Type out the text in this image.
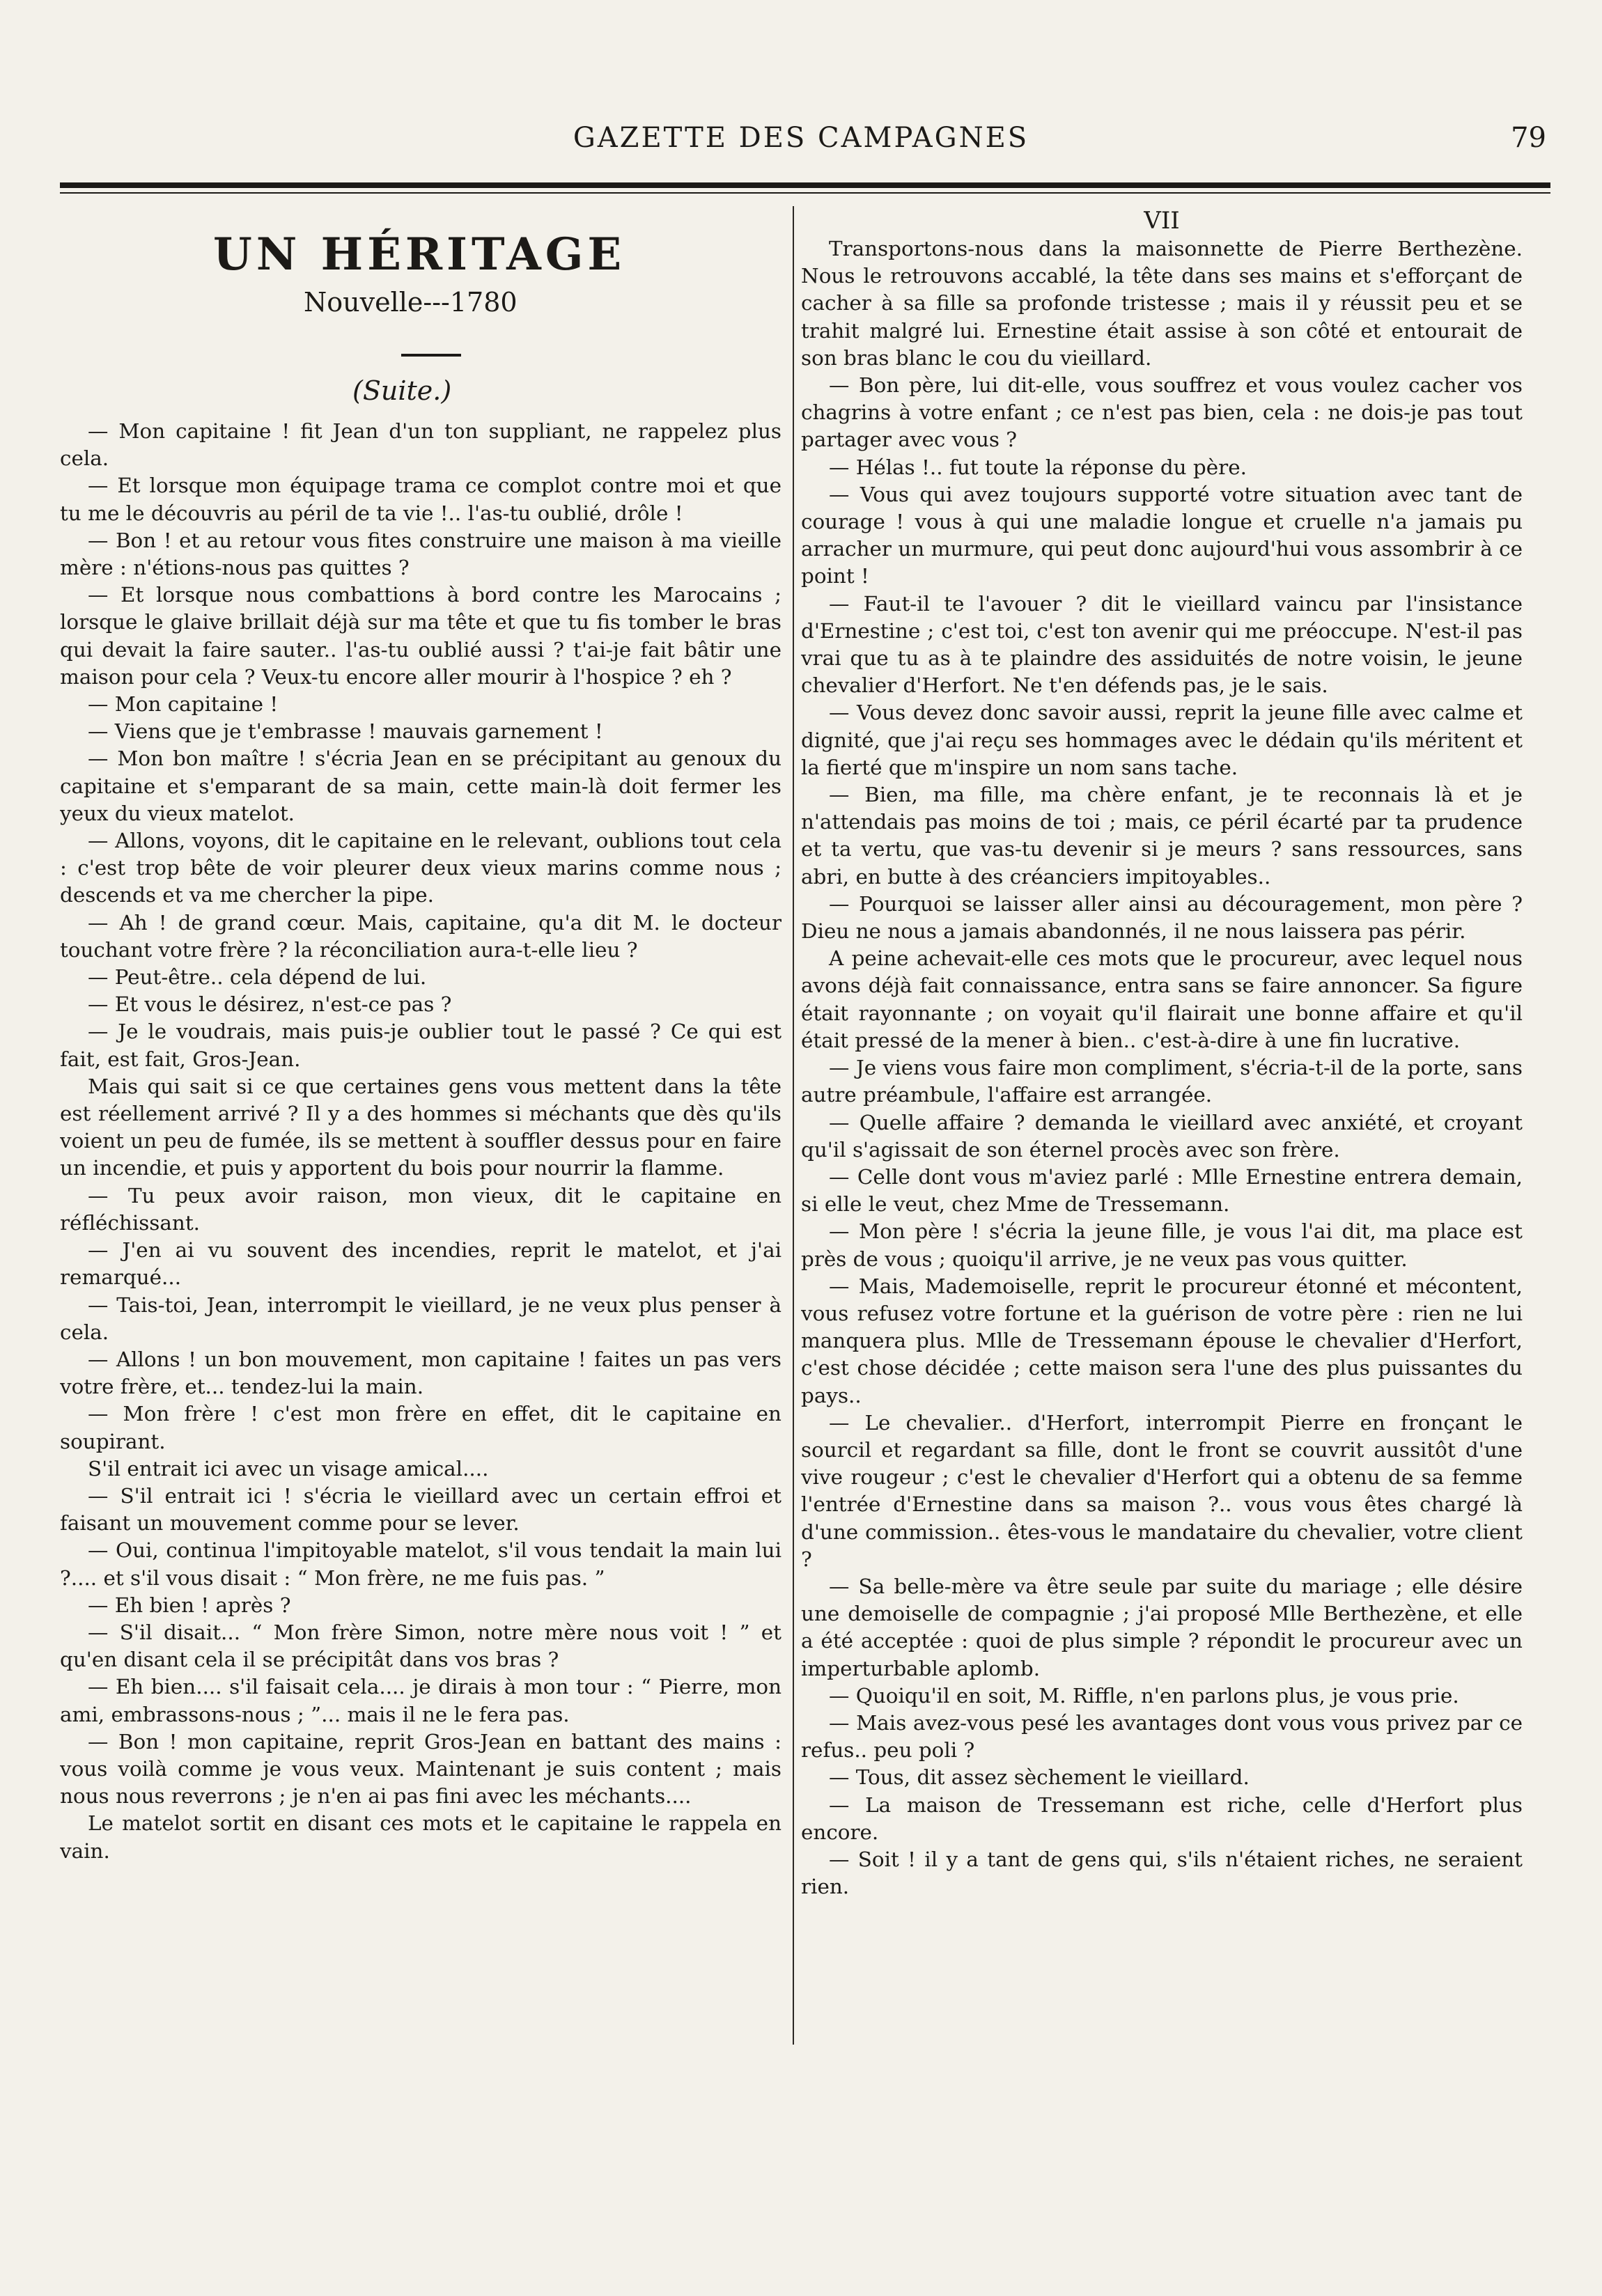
GAZETTE DES CAMPAGNES	79
UN HÉRITAGE
Nouvelle---1780
(Suite.)

— Mon capitaine ! fit Jean d'un ton suppliant, ne rappelez plus cela.

— Et lorsque mon équipage trama ce complot contre moi et que tu me le découvris au péril de ta vie !.. l'as-tu oublié, drôle !

— Bon ! et au retour vous fites construire une maison à ma vieille mère : n'étions-nous pas quittes ?

— Et lorsque nous combattions à bord contre les Marocains ; lorsque le glaive brillait déjà sur ma tête et que tu fis tomber le bras qui devait la faire sauter.. l'as-tu oublié aussi ? t'ai-je fait bâtir une maison pour cela ? Veux-tu encore aller mourir à l'hospice ? eh ?

— Mon capitaine !

— Viens que je t'embrasse ! mauvais garnement !

— Mon bon maître ! s'écria Jean en se précipitant au genoux du capitaine et s'emparant de sa main, cette main-là doit fermer les yeux du vieux matelot.

— Allons, voyons, dit le capitaine en le relevant, oublions tout cela : c'est trop bête de voir pleurer deux vieux marins comme nous ; descends et va me chercher la pipe.

— Ah ! de grand cœur. Mais, capitaine, qu'a dit M. le docteur touchant votre frère ? la réconciliation aura-t-elle lieu ?

— Peut-être.. cela dépend de lui.

— Et vous le désirez, n'est-ce pas ?

— Je le voudrais, mais puis-je oublier tout le passé ? Ce qui est fait, est fait, Gros-Jean.

Mais qui sait si ce que certaines gens vous mettent dans la tête est réellement arrivé ? Il y a des hommes si méchants que dès qu'ils voient un peu de fumée, ils se mettent à souffler dessus pour en faire un incendie, et puis y apportent du bois pour nourrir la flamme.

— Tu peux avoir raison, mon vieux, dit le capitaine en réfléchissant.

— J'en ai vu souvent des incendies, reprit le matelot, et j'ai remarqué...

— Tais-toi, Jean, interrompit le vieillard, je ne veux plus penser à cela.

— Allons ! un bon mouvement, mon capitaine ! faites un pas vers votre frère, et... tendez-lui la main.

— Mon frère ! c'est mon frère en effet, dit le capitaine en soupirant.

S'il entrait ici avec un visage amical....

— S'il entrait ici ! s'écria le vieillard avec un certain effroi et faisant un mouvement comme pour se lever.

— Oui, continua l'impitoyable matelot, s'il vous tendait la main lui ?.... et s'il vous disait : “ Mon frère, ne me fuis pas. ”

— Eh bien ! après ?

— S'il disait... “ Mon frère Simon, notre mère nous voit ! ” et qu'en disant cela il se précipitât dans vos bras ?

— Eh bien.... s'il faisait cela.... je dirais à mon tour : “ Pierre, mon ami, embrassons-nous ; ”... mais il ne le fera pas.

— Bon ! mon capitaine, reprit Gros-Jean en battant des mains : vous voilà comme je vous veux. Maintenant je suis content ; mais nous nous reverrons ; je n'en ai pas fini avec les méchants....

Le matelot sortit en disant ces mots et le capitaine le rappela en vain.

VII

Transportons-nous dans la maisonnette de Pierre Berthezène. Nous le retrouvons accablé, la tête dans ses mains et s'efforçant de cacher à sa fille sa profonde tristesse ; mais il y réussit peu et se trahit malgré lui. Ernestine était assise à son côté et entourait de son bras blanc le cou du vieillard.

— Bon père, lui dit-elle, vous souffrez et vous voulez cacher vos chagrins à votre enfant ; ce n'est pas bien, cela : ne dois-je pas tout partager avec vous ?

— Hélas !.. fut toute la réponse du père.

— Vous qui avez toujours supporté votre situation avec tant de courage ! vous à qui une maladie longue et cruelle n'a jamais pu arracher un murmure, qui peut donc aujourd'hui vous assombrir à ce point !

— Faut-il te l'avouer ? dit le vieillard vaincu par l'insistance d'Ernestine ; c'est toi, c'est ton avenir qui me préoccupe. N'est-il pas vrai que tu as à te plaindre des assiduités de notre voisin, le jeune chevalier d'Herfort. Ne t'en défends pas, je le sais.

— Vous devez donc savoir aussi, reprit la jeune fille avec calme et dignité, que j'ai reçu ses hommages avec le dédain qu'ils méritent et la fierté que m'inspire un nom sans tache.

— Bien, ma fille, ma chère enfant, je te reconnais là et je n'attendais pas moins de toi ; mais, ce péril écarté par ta prudence et ta vertu, que vas-tu devenir si je meurs ? sans ressources, sans abri, en butte à des créanciers impitoyables..

— Pourquoi se laisser aller ainsi au découragement, mon père ? Dieu ne nous a jamais abandonnés, il ne nous laissera pas périr.

A peine achevait-elle ces mots que le procureur, avec lequel nous avons déjà fait connaissance, entra sans se faire annoncer. Sa figure était rayonnante ; on voyait qu'il flairait une bonne affaire et qu'il était pressé de la mener à bien.. c'est-à-dire à une fin lucrative.

— Je viens vous faire mon compliment, s'écria-t-il de la porte, sans autre préambule, l'affaire est arrangée.

— Quelle affaire ? demanda le vieillard avec anxiété, et croyant qu'il s'agissait de son éternel procès avec son frère.

— Celle dont vous m'aviez parlé : Mlle Ernestine entrera demain, si elle le veut, chez Mme de Tressemann.

— Mon père ! s'écria la jeune fille, je vous l'ai dit, ma place est près de vous ; quoiqu'il arrive, je ne veux pas vous quitter.

— Mais, Mademoiselle, reprit le procureur étonné et mécontent, vous refusez votre fortune et la guérison de votre père : rien ne lui manquera plus. Mlle de Tressemann épouse le chevalier d'Herfort, c'est chose décidée ; cette maison sera l'une des plus puissantes du pays..

— Le chevalier.. d'Herfort, interrompit Pierre en fronçant le sourcil et regardant sa fille, dont le front se couvrit aussitôt d'une vive rougeur ; c'est le chevalier d'Herfort qui a obtenu de sa femme l'entrée d'Ernestine dans sa maison ?.. vous vous êtes chargé là d'une commission.. êtes-vous le mandataire du chevalier, votre client ?

— Sa belle-mère va être seule par suite du mariage ; elle désire une demoiselle de compagnie ; j'ai proposé Mlle Berthezène, et elle a été acceptée : quoi de plus simple ? répondit le procureur avec un imperturbable aplomb.

— Quoiqu'il en soit, M. Riffle, n'en parlons plus, je vous prie.

— Mais avez-vous pesé les avantages dont vous vous privez par ce refus.. peu poli ?

— Tous, dit assez sèchement le vieillard.

— La maison de Tressemann est riche, celle d'Herfort plus encore.

— Soit ! il y a tant de gens qui, s'ils n'étaient riches, ne seraient rien.
